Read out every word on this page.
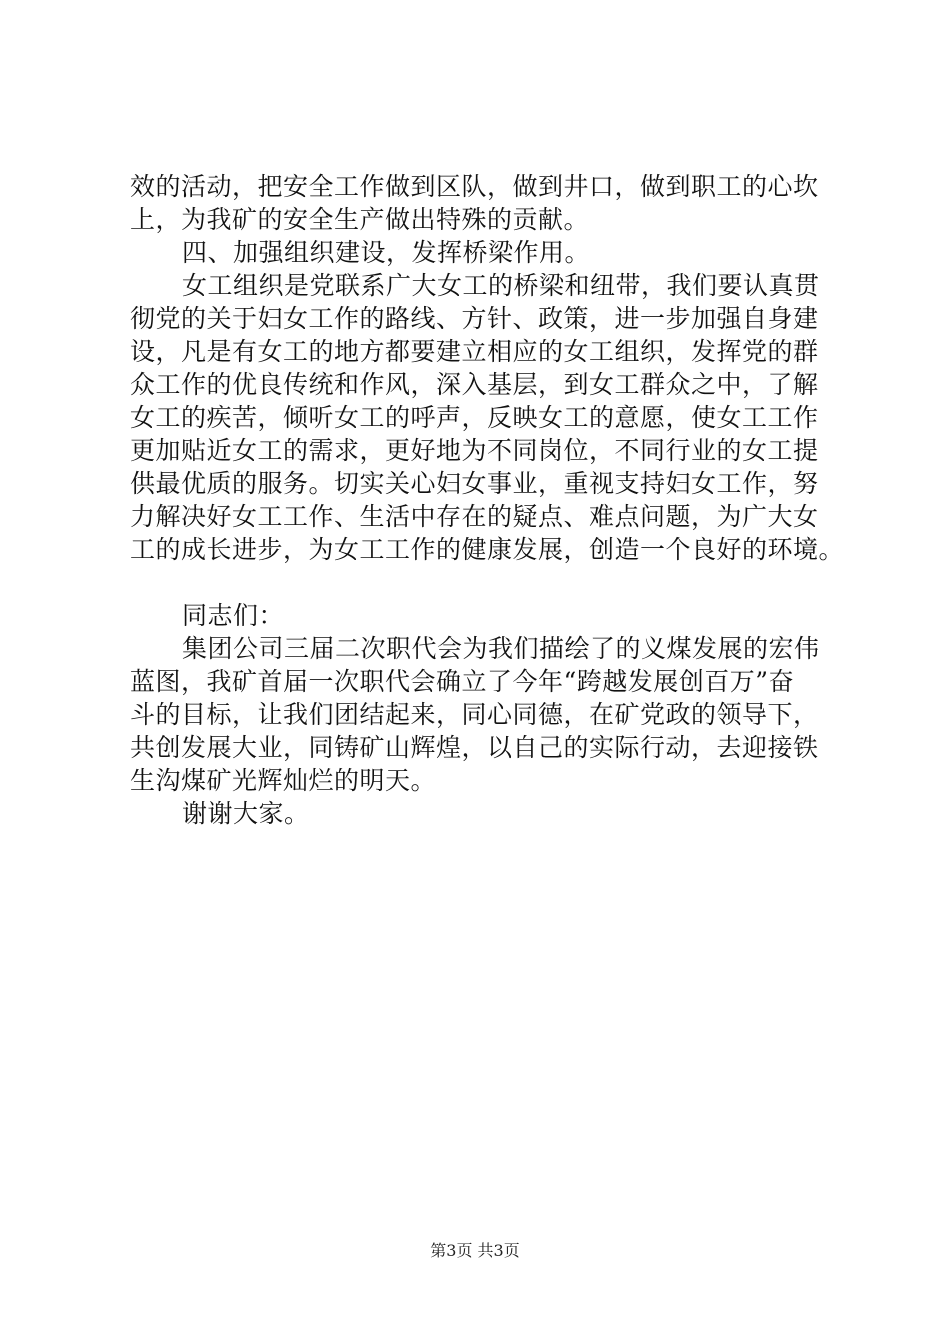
效的活动，把安全工作做到区队，做到井口，做到职工的心坎
上，为我矿的安全生产做出特殊的贡献。
四、加强组织建设，发挥桥梁作用。
女工组织是党联系广大女工的桥梁和纽带，我们要认真贯
彻党的关于妇女工作的路线、方针、政策，进一步加强自身建
设，凡是有女工的地方都要建立相应的女工组织，发挥党的群
众工作的优良传统和作风，深入基层，到女工群众之中，了解
女工的疾苦，倾听女工的呼声，反映女工的意愿，使女工工作
更加贴近女工的需求，更好地为不同岗位，不同行业的女工提
供最优质的服务。切实关心妇女事业，重视支持妇女工作，努
力解决好女工工作、生活中存在的疑点、难点问题，为广大女
工的成长进步，为女工工作的健康发展，创造一个良好的环境。
同志们：
集团公司三届二次职代会为我们描绘了的义煤发展的宏伟
蓝图，我矿首届一次职代会确立了今年“跨越发展创百万”奋
斗的目标，让我们团结起来，同心同德，在矿党政的领导下，
共创发展大业，同铸矿山辉煌，以自己的实际行动，去迎接铁
生沟煤矿光辉灿烂的明天。
谢谢大家。
第3页 共3页
